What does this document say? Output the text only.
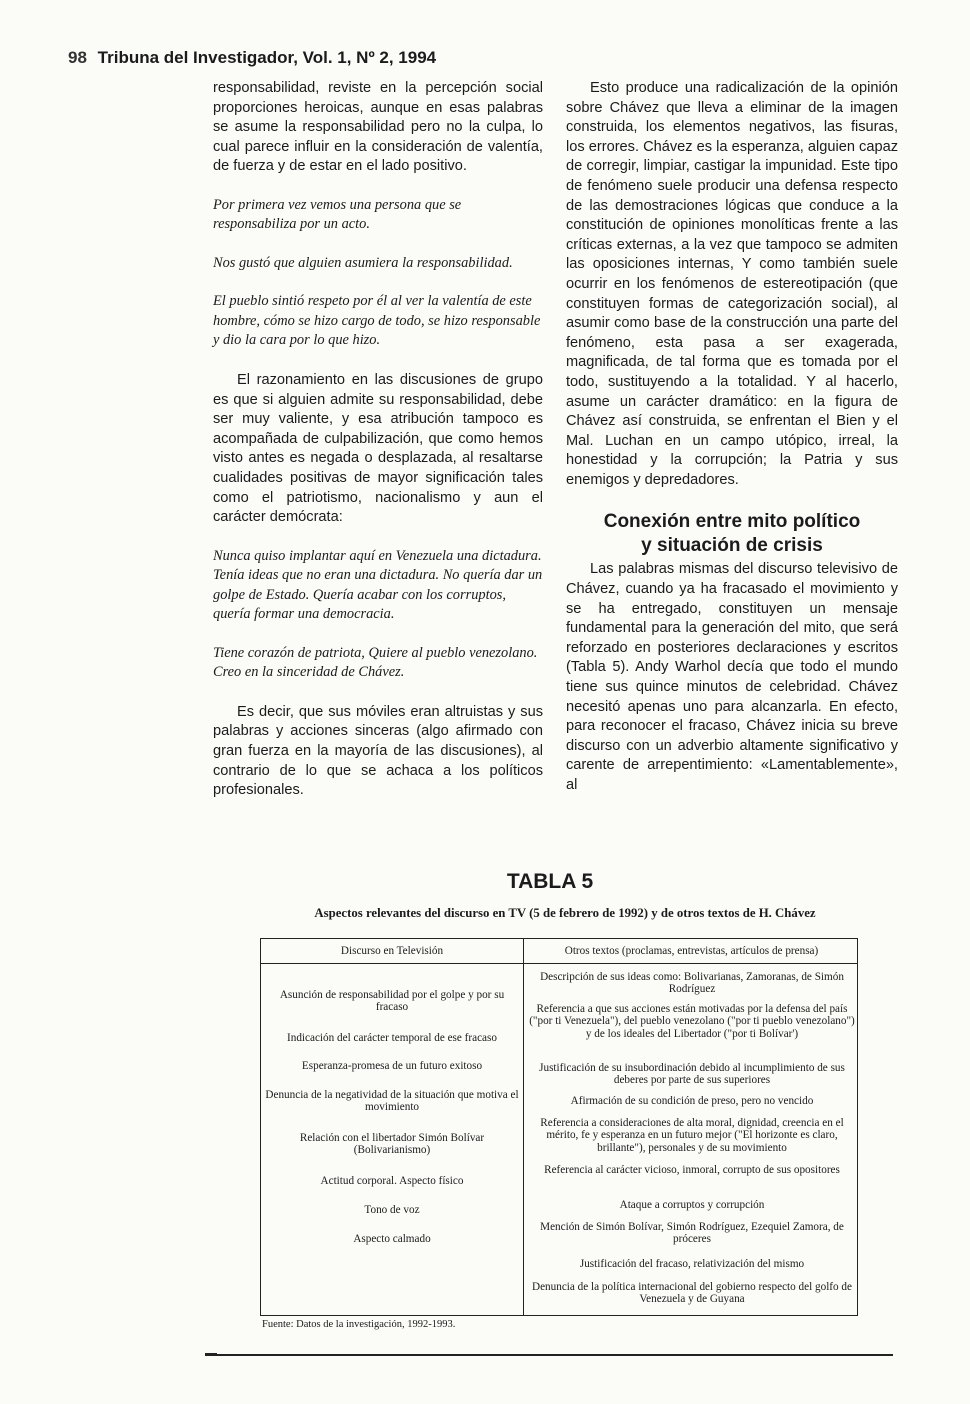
98 Tribuna del Investigador, Vol. 1, Nº 2, 1994

responsabilidad, reviste en la percepción social proporciones heroicas, aunque en esas palabras se asume la responsabilidad pero no la culpa, lo cual parece influir en la consideración de valentía, de fuerza y de estar en el lado positivo.

Por primera vez vemos una persona que se responsabiliza por un acto.

Nos gustó que alguien asumiera la responsabilidad.

El pueblo sintió respeto por él al ver la valentía de este hombre, cómo se hizo cargo de todo, se hizo responsable y dio la cara por lo que hizo.

El razonamiento en las discusiones de grupo es que si alguien admite su responsabilidad, debe ser muy valiente, y esa atribución tampoco es acompañada de culpabilización, que como hemos visto antes es negada o desplazada, al resaltarse cualidades positivas de mayor significación tales como el patriotismo, nacionalismo y aun el carácter demócrata:

Nunca quiso implantar aquí en Venezuela una dictadura. Tenía ideas que no eran una dictadura. No quería dar un golpe de Estado. Quería acabar con los corruptos, quería formar una democracia.

Tiene corazón de patriota, Quiere al pueblo venezolano.

Creo en la sinceridad de Chávez.

Es decir, que sus móviles eran altruistas y sus palabras y acciones sinceras (algo afirmado con gran fuerza en la mayoría de las discusiones), al contrario de lo que se achaca a los políticos profesionales.

Esto produce una radicalización de la opinión sobre Chávez que lleva a eliminar de la imagen construida, los elementos negativos, las fisuras, los errores. Chávez es la esperanza, alguien capaz de corregir, limpiar, castigar la impunidad. Este tipo de fenómeno suele producir una defensa respecto de las demostraciones lógicas que conduce a la constitución de opiniones monolíticas frente a las críticas externas, a la vez que tampoco se admiten las oposiciones internas, Y como también suele ocurrir en los fenómenos de estereotipación (que constituyen formas de categorización social), al asumir como base de la construcción una parte del fenómeno, esta pasa a ser exagerada, magnificada, de tal forma que es tomada por el todo, sustituyendo a la totalidad. Y al hacerlo, asume un carácter dramático: en la figura de Chávez así construida, se enfrentan el Bien y el Mal. Luchan en un campo utópico, irreal, la honestidad y la corrupción; la Patria y sus enemigos y depredadores.

Conexión entre mito político
y situación de crisis

Las palabras mismas del discurso televisivo de Chávez, cuando ya ha fracasado el movimiento y se ha entregado, constituyen un mensaje fundamental para la generación del mito, que será reforzado en posteriores declaraciones y escritos (Tabla 5). Andy Warhol decía que todo el mundo tiene sus quince minutos de celebridad. Chávez necesitó apenas uno para alcanzarla. En efecto, para reconocer el fracaso, Chávez inicia su breve discurso con un adverbio altamente significativo y carente de arrepentimiento: «Lamentablemente», al

TABLA 5
Aspectos relevantes del discurso en TV (5 de febrero de 1992) y de otros textos de H. Chávez
Discurso en Televisión	Otros textos (proclamas, entrevistas, artículos de prensa)
Asunción de responsabilidad por el golpe y por su fracaso
Indicación del carácter temporal de ese fracaso
Esperanza-promesa de un futuro exitoso
Denuncia de la negatividad de la situación que motiva el movimiento
Relación con el libertador Simón Bolívar (Bolivarianismo)
Actitud corporal. Aspecto físico
Tono de voz
Aspecto calmado
Descripción de sus ideas como: Bolivarianas, Zamoranas, de Simón Rodríguez
Referencia a que sus acciones están motivadas por la defensa del país ("por ti Venezuela"), del pueblo venezolano ("por ti pueblo venezolano") y de los ideales del Libertador ("por ti Bolívar')
Justificación de su insubordinación debido al incumplimiento de sus deberes por parte de sus superiores
Afirmación de su condición de preso, pero no vencido
Referencia a consideraciones de alta moral, dignidad, creencia en el mérito, fe y esperanza en un futuro mejor ("El horizonte es claro, brillante"), personales y de su movimiento
Referencia al carácter vicioso, inmoral, corrupto de sus opositores
Ataque a corruptos y corrupción
Mención de Simón Bolívar, Simón Rodríguez, Ezequiel Zamora, de próceres
Justificación del fracaso, relativización del mismo
Denuncia de la política internacional del gobierno respecto del golfo de Venezuela y de Guyana
Fuente: Datos de la investigación, 1992-1993.
